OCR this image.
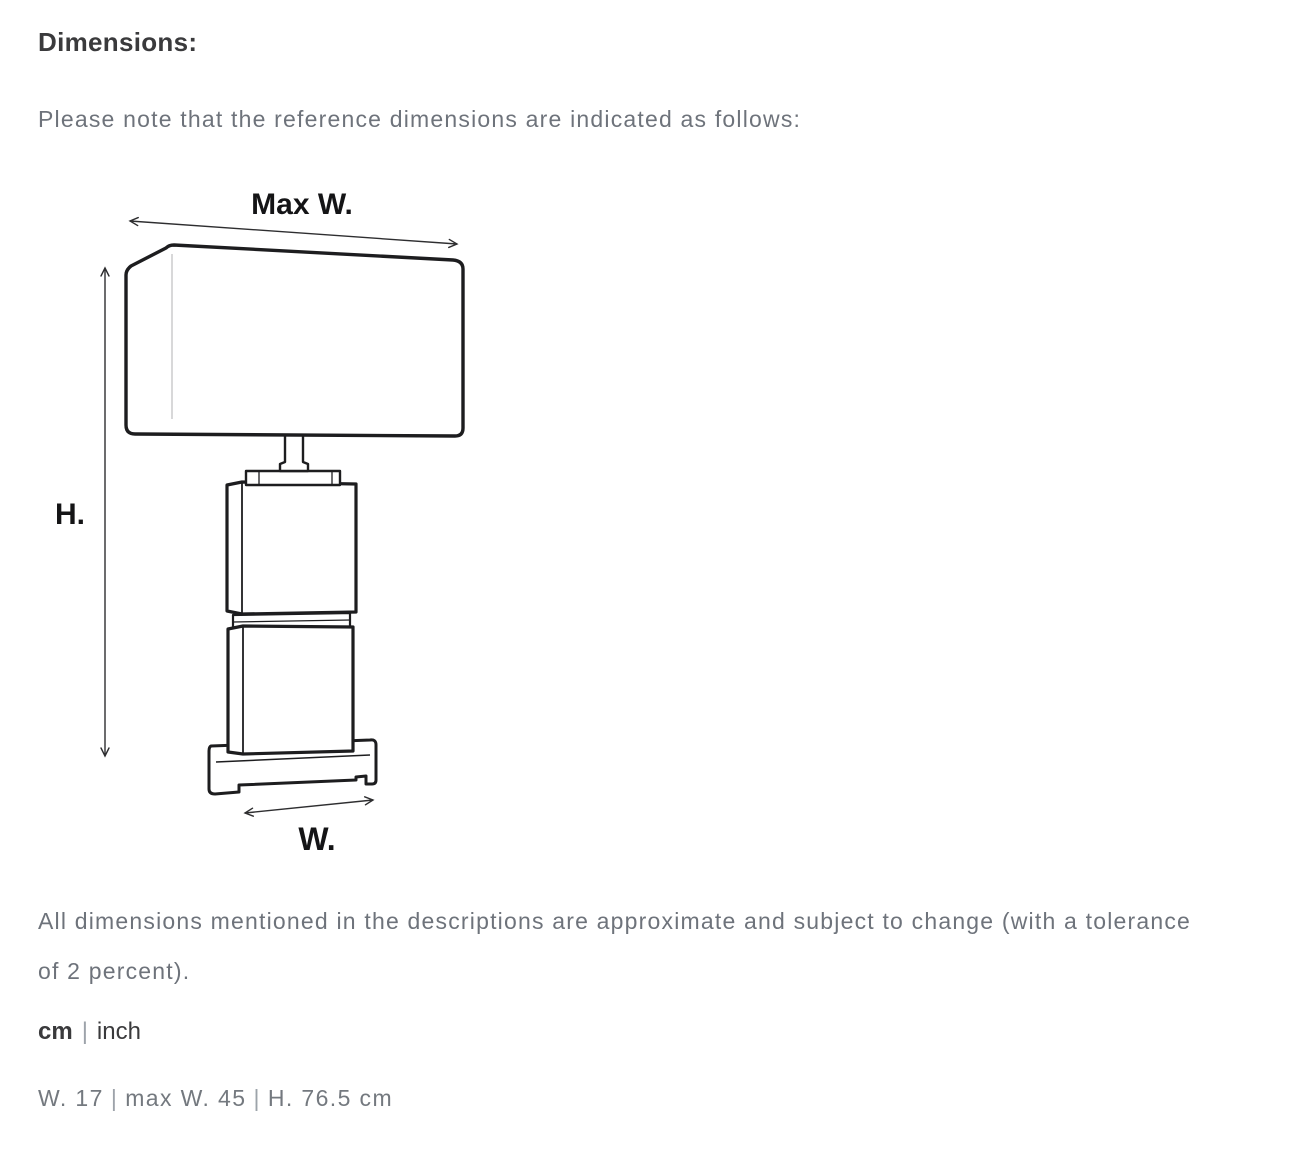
Dimensions:

Please note that the reference dimensions are indicated as follows:

Max W.
H.
W.

All dimensions mentioned in the descriptions are approximate and subject to change (with a tolerance of 2 percent).

cm | inch

W. 17 | max W. 45 | H. 76.5 cm
